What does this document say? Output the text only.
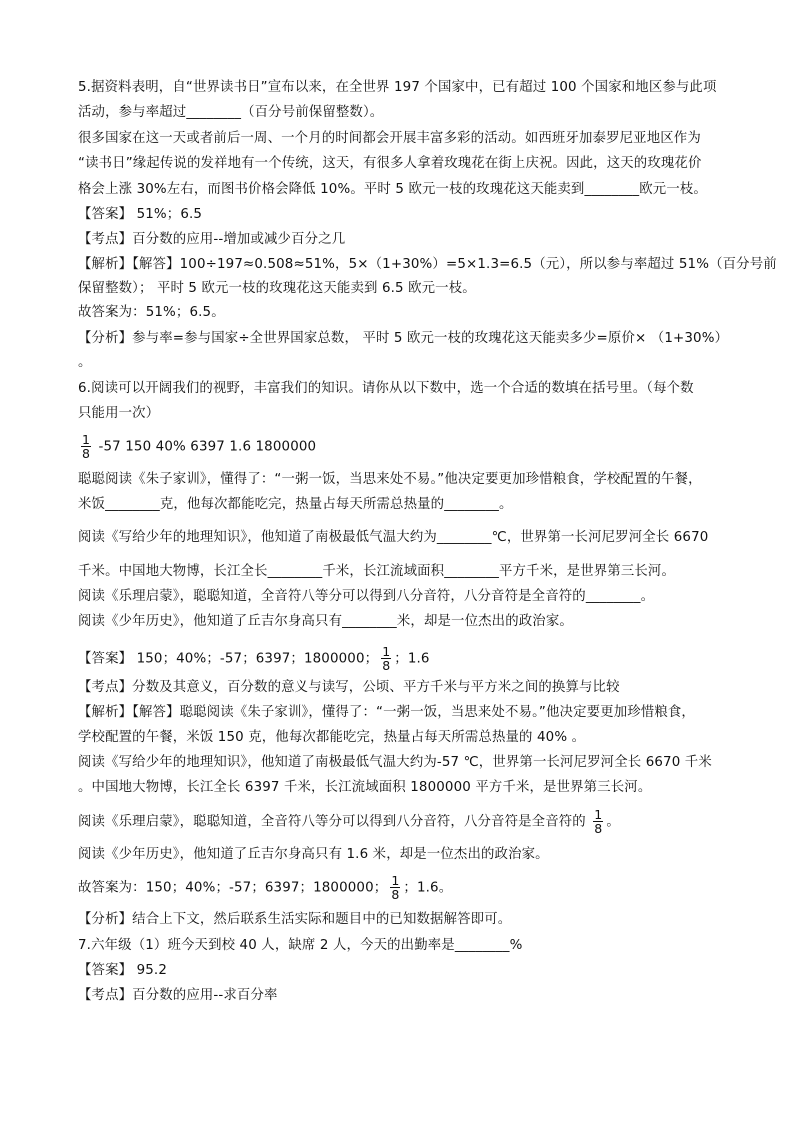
5.据资料表明，自“世界读书日”宣布以来，在全世界 197 个国家中，已有超过 100 个国家和地区参与此项
活动，参与率超过________（百分号前保留整数）。
很多国家在这一天或者前后一周、一个月的时间都会开展丰富多彩的活动。如西班牙加泰罗尼亚地区作为
“读书日”缘起传说的发祥地有一个传统，这天，有很多人拿着玫瑰花在街上庆祝。因此，这天的玫瑰花价
格会上涨 30%左右，而图书价格会降低 10%。平时 5 欧元一枝的玫瑰花这天能卖到________欧元一枝。
【答案】 51%；6.5
【考点】百分数的应用--增加或减少百分之几
【解析】【解答】100÷197≈0.508≈51%，5×（1+30%）=5×1.3=6.5（元），所以参与率超过 51%（百分号前
保留整数）； 平时 5 欧元一枝的玫瑰花这天能卖到 6.5 欧元一枝。
故答案为：51%；6.5。
【分析】参与率=参与国家÷全世界国家总数， 平时 5 欧元一枝的玫瑰花这天能卖多少=原价× （1+30%）
。
6.阅读可以开阔我们的视野，丰富我们的知识。请你从以下数中，选一个合适的数填在括号里。（每个数
只能用一次）
$\frac{1}{8} -57$ 150 40% 6397 1.6 1800000
聪聪阅读《朱子家训》，懂得了：“一粥一饭，当思来处不易。”他决定要更加珍惜粮食，学校配置的午餐，
米饭________克，他每次都能吃完，热量占每天所需总热量的________。
阅读《写给少年的地理知识》，他知道了南极最低气温大约为________℃，世界第一长河尼罗河全长 6670
千米。中国地大物博，长江全长________千米，长江流域面积________平方千米，是世界第三长河。
阅读《乐理启蒙》，聪聪知道，全音符八等分可以得到八分音符，八分音符是全音符的________。
阅读《少年历史》，他知道了丘吉尔身高只有________米，却是一位杰出的政治家。
【答案】 150；40%；-57；6397；1800000； $\frac{1}{8}$ ；1.6
【考点】分数及其意义，百分数的意义与读写，公顷、平方千米与平方米之间的换算与比较
【解析】【解答】聪聪阅读《朱子家训》，懂得了：“一粥一饭，当思来处不易。”他决定要更加珍惜粮食，
学校配置的午餐，米饭 150 克，他每次都能吃完，热量占每天所需总热量的 40% 。
阅读《写给少年的地理知识》，他知道了南极最低气温大约为-57 ℃，世界第一长河尼罗河全长 6670 千米
。中国地大物博，长江全长 6397 千米，长江流域面积 1800000 平方千米，是世界第三长河。
阅读《乐理启蒙》，聪聪知道，全音符八等分可以得到八分音符，八分音符是全音符的 $\frac{1}{8}$ 。
阅读《少年历史》，他知道了丘吉尔身高只有 1.6 米，却是一位杰出的政治家。
故答案为：150；40%；-57；6397；1800000； $\frac{1}{8}$ ；1.6。
【分析】结合上下文，然后联系生活实际和题目中的已知数据解答即可。
7.六年级（1）班今天到校 40 人，缺席 2 人，今天的出勤率是________%
【答案】 95.2
【考点】百分数的应用--求百分率
